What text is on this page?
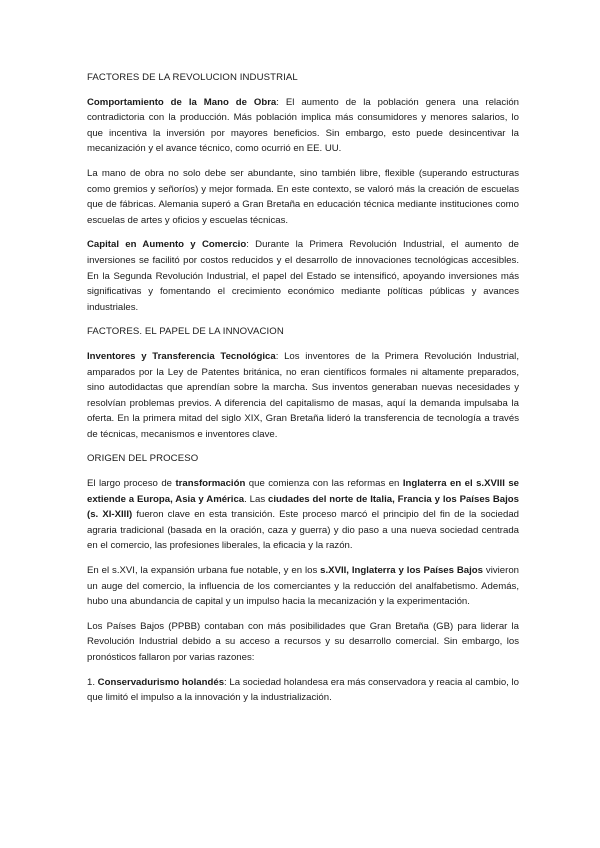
FACTORES DE LA REVOLUCION INDUSTRIAL

Comportamiento de la Mano de Obra: El aumento de la población genera una relación contradictoria con la producción. Más población implica más consumidores y menores salarios, lo que incentiva la inversión por mayores beneficios. Sin embargo, esto puede desincentivar la mecanización y el avance técnico, como ocurrió en EE. UU.

La mano de obra no solo debe ser abundante, sino también libre, flexible (superando estructuras como gremios y señoríos) y mejor formada. En este contexto, se valoró más la creación de escuelas que de fábricas. Alemania superó a Gran Bretaña en educación técnica mediante instituciones como escuelas de artes y oficios y escuelas técnicas.

Capital en Aumento y Comercio: Durante la Primera Revolución Industrial, el aumento de inversiones se facilitó por costos reducidos y el desarrollo de innovaciones tecnológicas accesibles. En la Segunda Revolución Industrial, el papel del Estado se intensificó, apoyando inversiones más significativas y fomentando el crecimiento económico mediante políticas públicas y avances industriales.

FACTORES. EL PAPEL DE LA INNOVACION

Inventores y Transferencia Tecnológica: Los inventores de la Primera Revolución Industrial, amparados por la Ley de Patentes británica, no eran científicos formales ni altamente preparados, sino autodidactas que aprendían sobre la marcha. Sus inventos generaban nuevas necesidades y resolvían problemas previos. A diferencia del capitalismo de masas, aquí la demanda impulsaba la oferta. En la primera mitad del siglo XIX, Gran Bretaña lideró la transferencia de tecnología a través de técnicas, mecanismos e inventores clave.

ORIGEN DEL PROCESO

El largo proceso de transformación que comienza con las reformas en Inglaterra en el s.XVIII se extiende a Europa, Asia y América. Las ciudades del norte de Italia, Francia y los Países Bajos (s. XI-XIII) fueron clave en esta transición. Este proceso marcó el principio del fin de la sociedad agraria tradicional (basada en la oración, caza y guerra) y dio paso a una nueva sociedad centrada en el comercio, las profesiones liberales, la eficacia y la razón.

En el s.XVI, la expansión urbana fue notable, y en los s.XVII, Inglaterra y los Países Bajos vivieron un auge del comercio, la influencia de los comerciantes y la reducción del analfabetismo. Además, hubo una abundancia de capital y un impulso hacia la mecanización y la experimentación.

Los Países Bajos (PPBB) contaban con más posibilidades que Gran Bretaña (GB) para liderar la Revolución Industrial debido a su acceso a recursos y su desarrollo comercial. Sin embargo, los pronósticos fallaron por varias razones:

1. Conservadurismo holandés: La sociedad holandesa era más conservadora y reacia al cambio, lo que limitó el impulso a la innovación y la industrialización.
